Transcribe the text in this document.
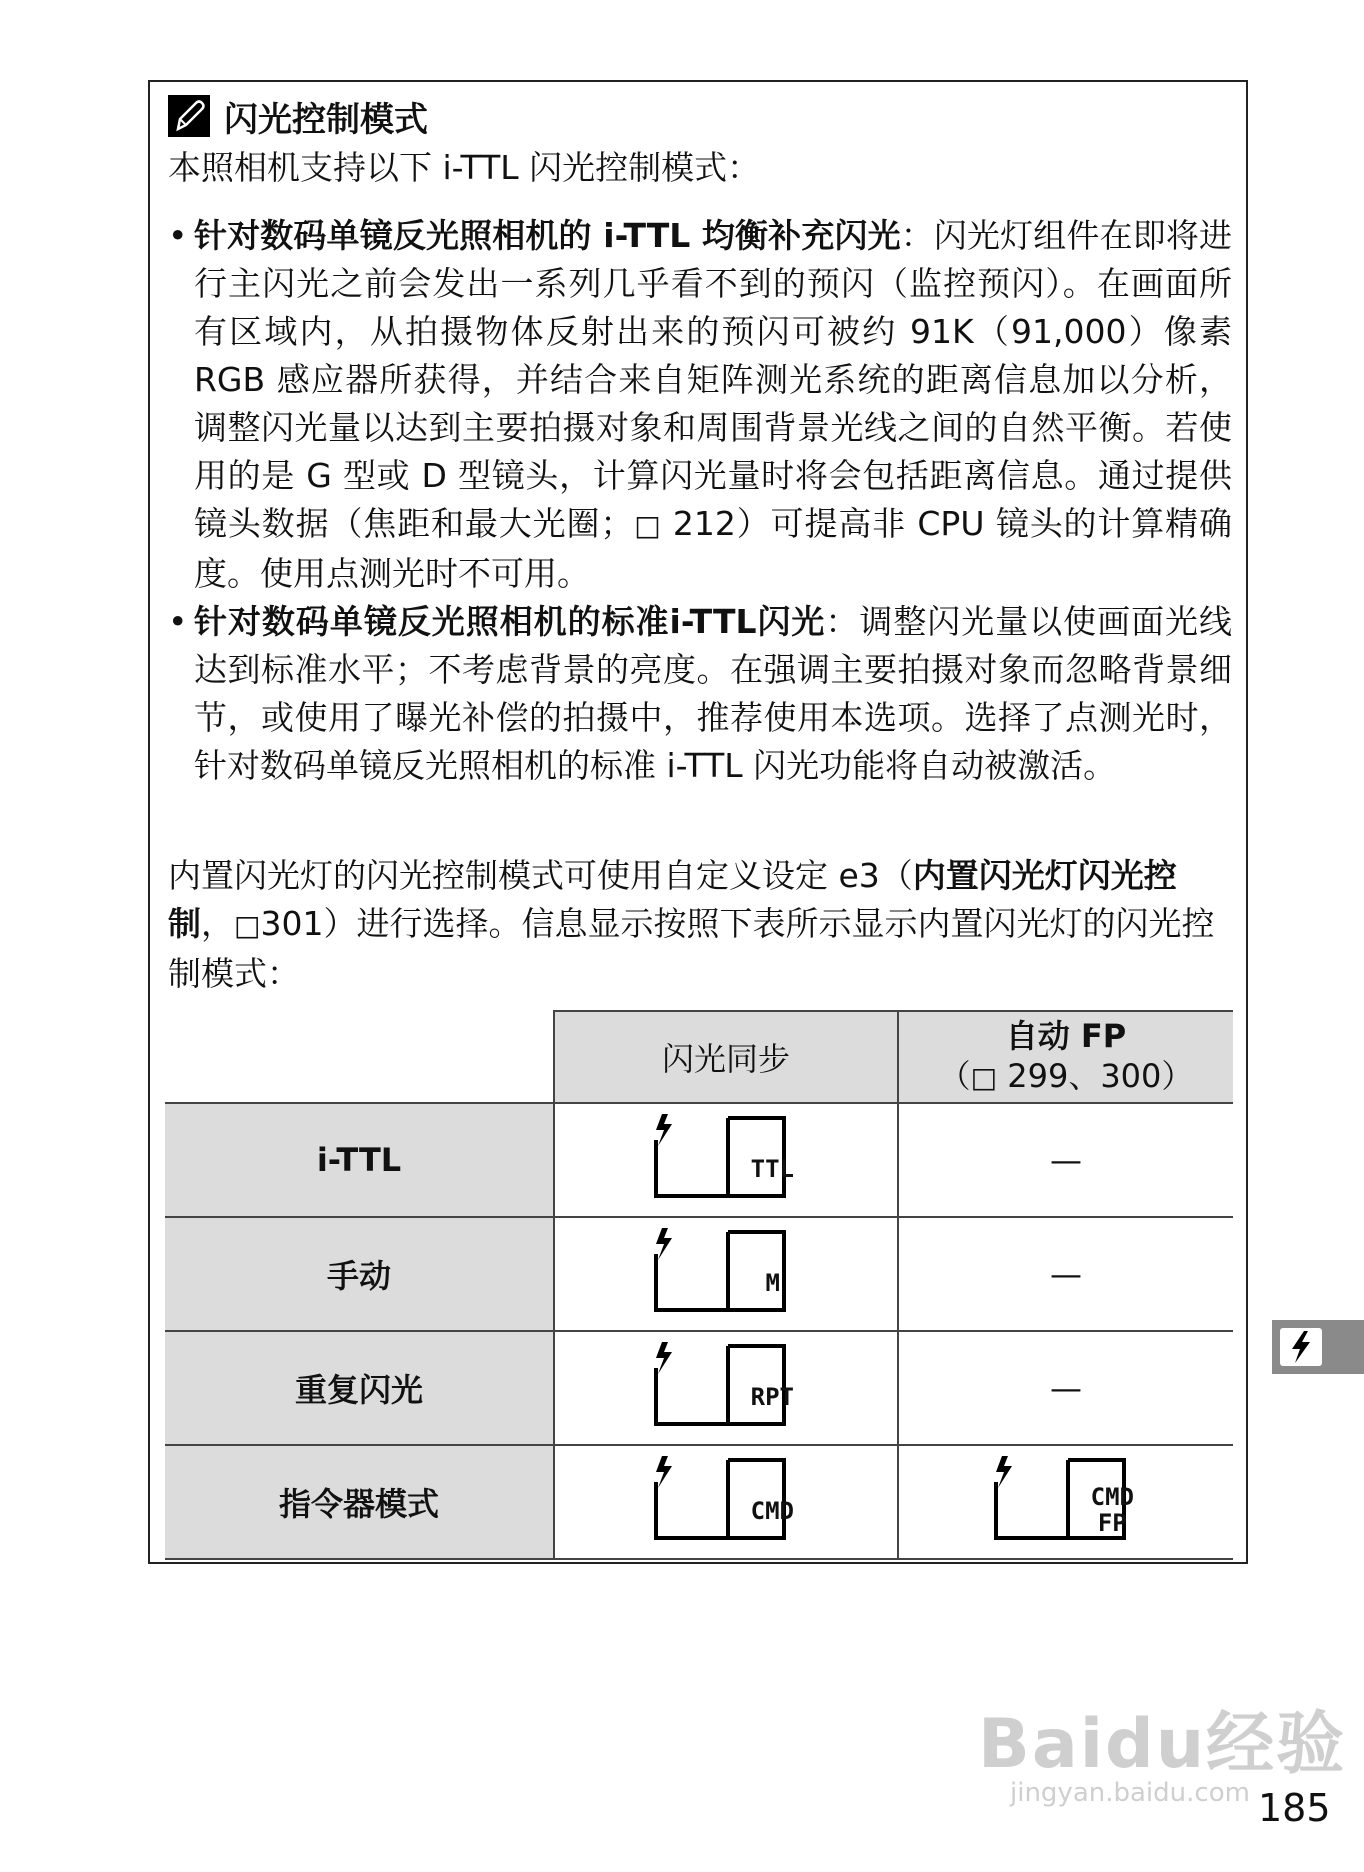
闪光控制模式
本照相机支持以下 i-TTL 闪光控制模式：
• 针对数码单镜反光照相机的 i-TTL 均衡补充闪光：闪光灯组件在即将进行主闪光之前会发出一系列几乎看不到的预闪（监控预闪）。在画面所有区域内，从拍摄物体反射出来的预闪可被约 91K（91,000）像素 RGB 感应器所获得，并结合来自矩阵测光系统的距离信息加以分析，调整闪光量以达到主要拍摄对象和周围背景光线之间的自然平衡。若使用的是 G 型或 D 型镜头，计算闪光量时将会包括距离信息。通过提供镜头数据（焦距和最大光圈；□ 212）可提高非 CPU 镜头的计算精确度。使用点测光时不可用。
• 针对数码单镜反光照相机的标准i-TTL闪光：调整闪光量以使画面光线达到标准水平；不考虑背景的亮度。在强调主要拍摄对象而忽略背景细节，或使用了曝光补偿的拍摄中，推荐使用本选项。选择了点测光时，针对数码单镜反光照相机的标准 i-TTL 闪光功能将自动被激活。
内置闪光灯的闪光控制模式可使用自定义设定 e3（内置闪光灯闪光控制，□301）进行选择。信息显示按照下表所示显示内置闪光灯的闪光控制模式：
	闪光同步	自动 FP
（□ 299、300）
i-TTL	TTL	—
手动	M	—
重复闪光	RPT	—
指令器模式	CMD	CMD
FP
Baidu经验
jingyan.baidu.com 185
